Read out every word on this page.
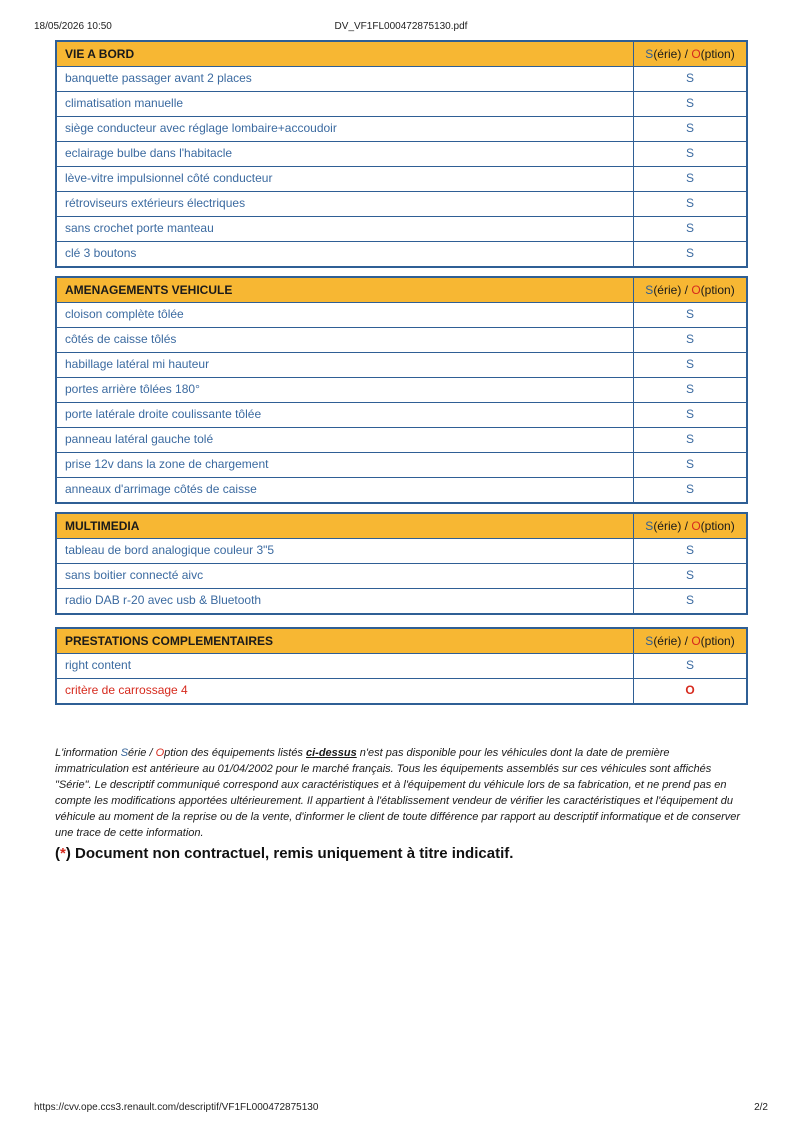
18/05/2026 10:50	DV_VF1FL000472875130.pdf
VIE A BORD	S(érie) / O(ption)
banquette passager avant 2 places	S
climatisation manuelle	S
siège conducteur avec réglage lombaire+accoudoir	S
eclairage bulbe dans l'habitacle	S
lève-vitre impulsionnel côté conducteur	S
rétroviseurs extérieurs électriques	S
sans crochet porte manteau	S
clé 3 boutons	S
AMENAGEMENTS VEHICULE	S(érie) / O(ption)
cloison complète tôlée	S
côtés de caisse tôlés	S
habillage latéral mi hauteur	S
portes arrière tôlées 180°	S
porte latérale droite coulissante tôlée	S
panneau latéral gauche tolé	S
prise 12v dans la zone de chargement	S
anneaux d'arrimage côtés de caisse	S
MULTIMEDIA	S(érie) / O(ption)
tableau de bord analogique couleur 3"5	S
sans boitier connecté aivc	S
radio DAB r-20 avec usb & Bluetooth	S
PRESTATIONS COMPLEMENTAIRES	S(érie) / O(ption)
right content	S
critère de carrossage 4	O
L'information Série / Option des équipements listés ci-dessus n'est pas disponible pour les véhicules dont la date de première immatriculation est antérieure au 01/04/2002 pour le marché français. Tous les équipements assemblés sur ces véhicules sont affichés "Série". Le descriptif communiqué correspond aux caractéristiques et à l'équipement du véhicule lors de sa fabrication, et ne prend pas en compte les modifications apportées ultérieurement. Il appartient à l'établissement vendeur de vérifier les caractéristiques et l'équipement du véhicule au moment de la reprise ou de la vente, d'informer le client de toute différence par rapport au descriptif informatique et de conserver une trace de cette information.
(*) Document non contractuel, remis uniquement à titre indicatif.
https://cvv.ope.ccs3.renault.com/descriptif/VF1FL000472875130	2/2
